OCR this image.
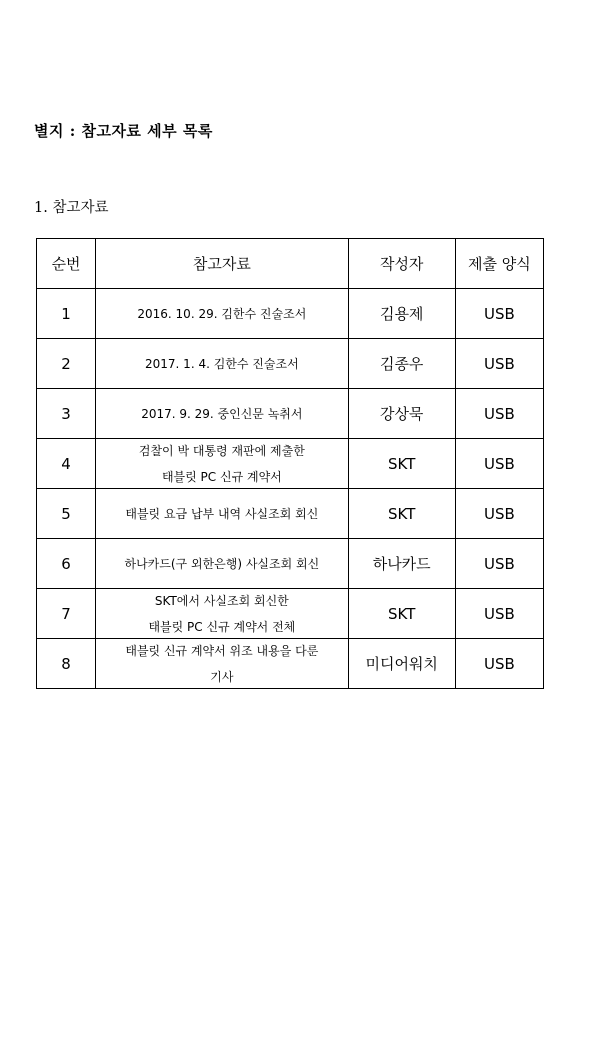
별지 : 참고자료 세부 목록
1. 참고자료
순번	참고자료	작성자	제출 양식
1	2016. 10. 29. 김한수 진술조서	김용제	USB
2	2017. 1. 4. 김한수 진술조서	김종우	USB
3	2017. 9. 29. 중인신문 녹취서	강상묵	USB
4	검찰이 박 대통령 재판에 제출한
태블릿 PC 신규 계약서	SKT	USB
5	태블릿 요금 납부 내역 사실조회 회신	SKT	USB
6	하나카드(구 외한은행) 사실조회 회신	하나카드	USB
7	SKT에서 사실조회 회신한
태블릿 PC 신규 계약서 전체	SKT	USB
8	태블릿 신규 계약서 위조 내용을 다룬
기사	미디어워치	USB
